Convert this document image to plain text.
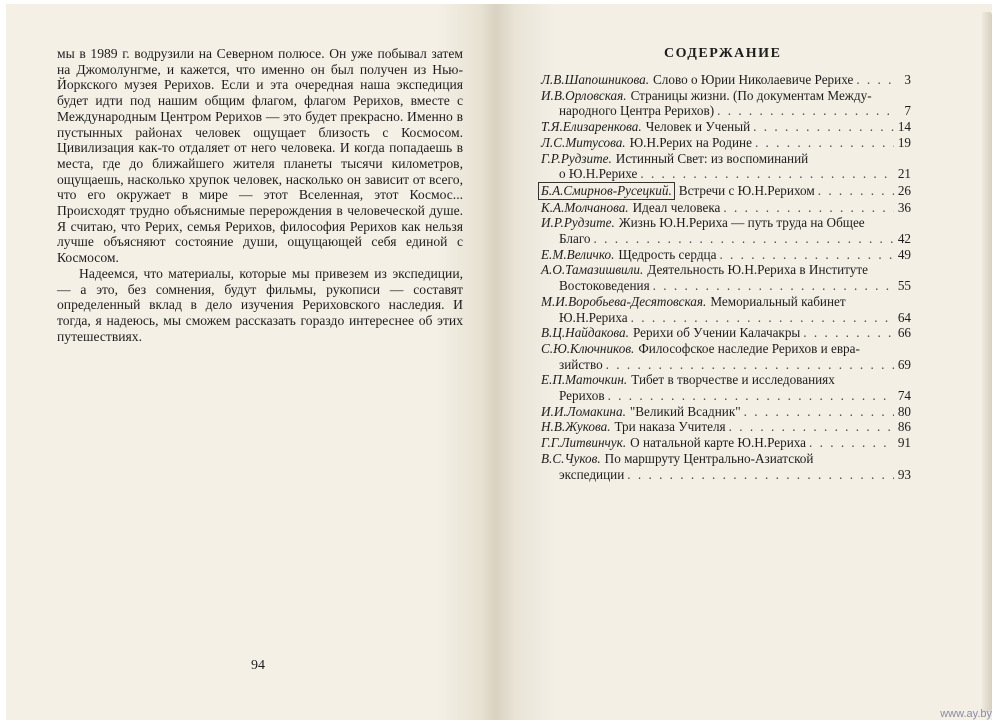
мы в 1989 г. водрузили на Северном полюсе. Он уже побывал затем на Джомолунгме, и кажется, что именно он был получен из Нью-Йоркского музея Рерихов. Если и эта очередная наша экспедиция будет идти под нашим общим флагом, флагом Рерихов, вместе с Международным Центром Рерихов — это будет прекрасно. Именно в пустынных районах человек ощущает близость с Космосом. Цивилизация как-то отдаляет от него человека. И когда попадаешь в места, где до ближайшего жителя планеты тысячи километров, ощущаешь, насколько хрупок человек, насколько он зависит от всего, что его окружает в мире — этот Вселенная, этот Космос... Происходят трудно объяснимые перерождения в человеческой душе. Я считаю, что Рерих, семья Рерихов, философия Рерихов как нельзя лучше объясняют состояние души, ощущающей себя единой с Космосом.

Надеемся, что материалы, которые мы привезем из экспедиции, — а это, без сомнения, будут фильмы, рукописи — составят определенный вклад в дело изучения Рериховского наследия. И тогда, я надеюсь, мы сможем рассказать гораздо интереснее об этих путешествиях.

94
СОДЕРЖАНИЕ
Л.В.Шапошникова. Слово о Юрии Николаевиче Рерихе . . .	3
И.В.Орловская. Страницы жизни. (По документам Между-
народного Центра Рерихов) . . .	7
Т.Я.Елизаренкова. Человек и Ученый . . .	14
Л.С.Митусова. Ю.Н.Рерих на Родине . . .	19
Г.Р.Рудзите. Истинный Свет: из воспоминаний
о Ю.Н.Рерихе . . .	21
Б.А.Смирнов-Русецкий. Встречи с Ю.Н.Рерихом . . .	26
К.А.Молчанова. Идеал человека . . .	36
И.Р.Рудзите. Жизнь Ю.Н.Рериха — путь труда на Общее
Благо . . .	42
Е.М.Величко. Щедрость сердца . . .	49
А.О.Тамазишвили. Деятельность Ю.Н.Рериха в Институте
Востоковедения . . .	55
М.И.Воробьева-Десятовская. Мемориальный кабинет
Ю.Н.Рериха . . .	64
В.Ц.Найдакова. Рерихи об Учении Калачакры . . .	66
С.Ю.Ключников. Философское наследие Рерихов и евра-
зийство . . .	69
Е.П.Маточкин. Тибет в творчестве и исследованиях
Рерихов . . .	74
И.И.Ломакина. "Великий Всадник" . . .	80
Н.В.Жукова. Три наказа Учителя . . .	86
Г.Г.Литвинчук. О натальной карте Ю.Н.Рериха . . .	91
В.С.Чуков. По маршруту Центрально-Азиатской
экспедиции . . .	93
www.ay.by
